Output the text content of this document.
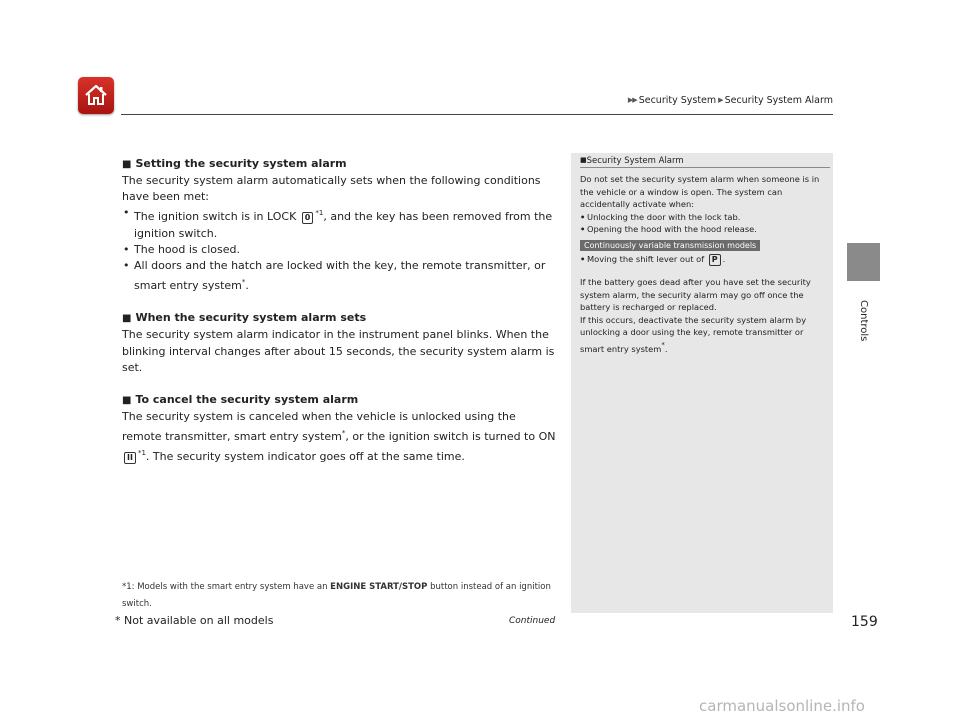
▶▶ Security System ▶ Security System Alarm
Controls
■ Setting the security system alarm

The security system alarm automatically sets when the following conditions have been met:

• The ignition switch is in LOCK 0 $^{*1}$, and the key has been removed from the ignition switch.
• The hood is closed.
• All doors and the hatch are locked with the key, the remote transmitter, or smart entry system*.
■ When the security system alarm sets

The security system alarm indicator in the instrument panel blinks. When the blinking interval changes after about 15 seconds, the security system alarm is set.

■ To cancel the security system alarm

The security system is canceled when the vehicle is unlocked using the remote transmitter, smart entry system*, or the ignition switch is turned to ON II $^{*1}$. The security system indicator goes off at the same time.

*1: Models with the smart entry system have an ENGINE START/STOP button instead of an ignition switch.
■Security System Alarm

Do not set the security system alarm when someone is in the vehicle or a window is open. The system can accidentally activate when:

• Unlocking the door with the lock tab.
• Opening the hood with the hood release.
Continuously variable transmission models
• Moving the shift lever out of P .

If the battery goes dead after you have set the security system alarm, the security alarm may go off once the battery is recharged or replaced.

If this occurs, deactivate the security system alarm by unlocking a door using the key, remote transmitter or smart entry system*.

* Not available on all models	Continued	159
carmanualsonline.info
